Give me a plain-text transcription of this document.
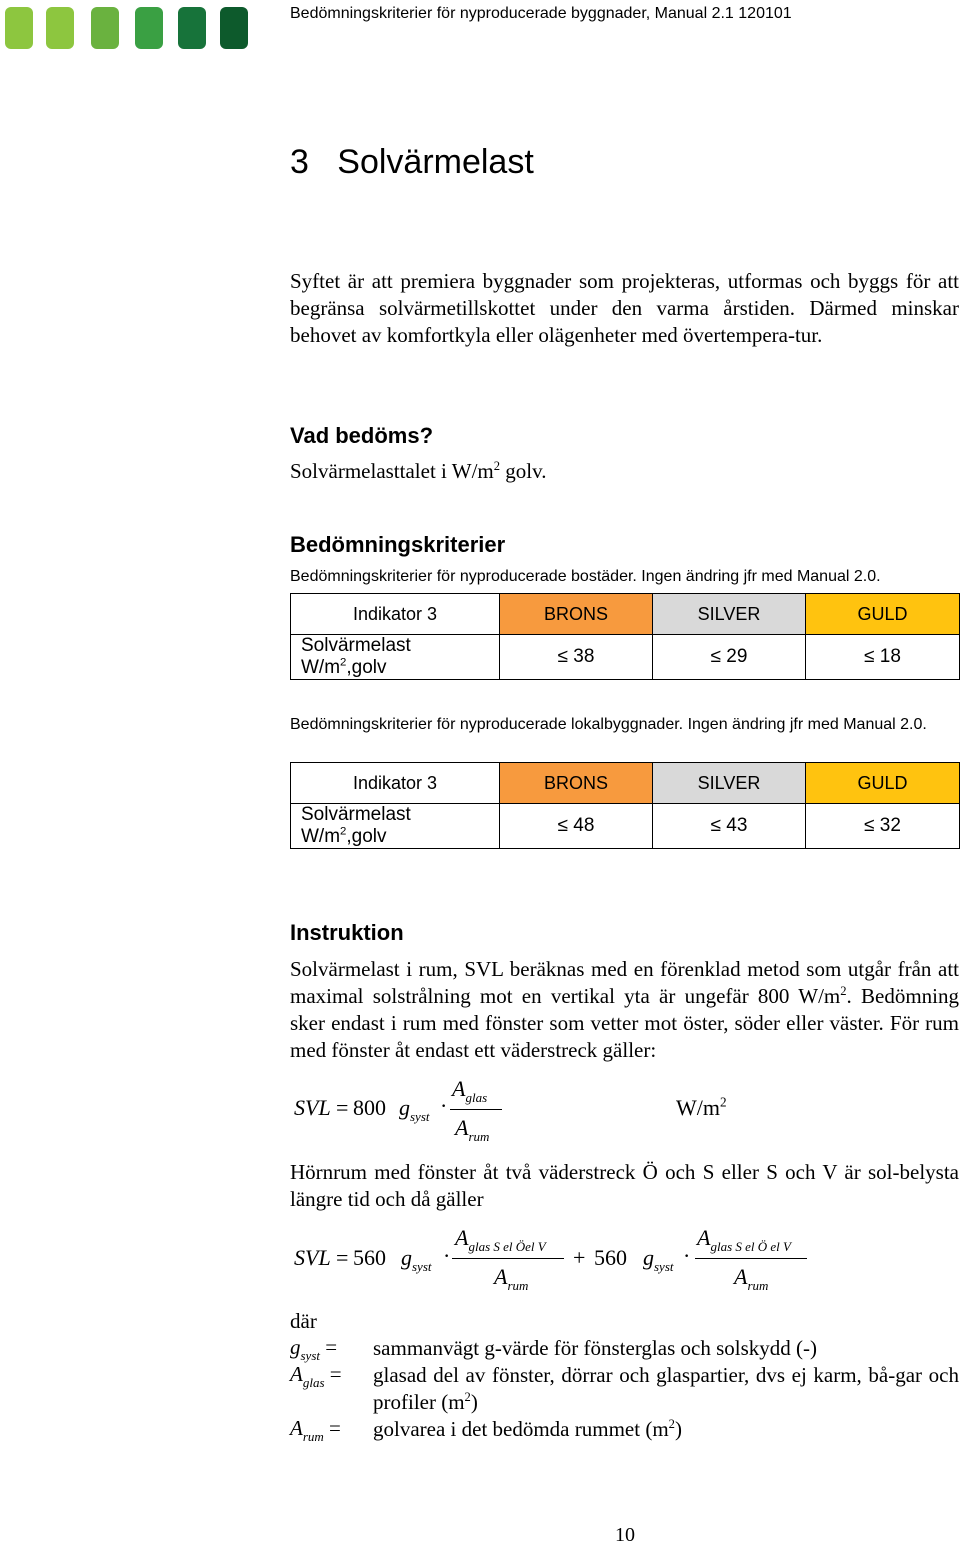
Bedömningskriterier för nyproducerade byggnader, Manual 2.1 120101
3 Solvärmelast
Syftet är att premiera byggnader som projekteras, utformas och byggs för att begränsa solvärmetillskottet under den varma årstiden. Därmed minskar behovet av komfortkyla eller olägenheter med övertempera-tur.
Vad bedöms?
Solvärmelasttalet i $W/m^2$ golv.
Bedömningskriterier
Bedömningskriterier för nyproducerade bostäder. Ingen ändring jfr med Manual 2.0.
Indikator 3	BRONS	SILVER	GULD
Solvärmelast $W/m^2,golv$	≤ 38	≤ 29	≤ 18
Bedömningskriterier för nyproducerade lokalbyggnader. Ingen ändring jfr med Manual 2.0.
Indikator 3	BRONS	SILVER	GULD
Solvärmelast $W/m^2,golv$	≤ 48	≤ 43	≤ 32
Instruktion
Solvärmelast i rum, SVL beräknas med en förenklad metod som utgår från att maximal solstrålning mot en vertikal yta är ungefär 800 $W/m^2$. Bedömning sker endast i rum med fönster som vetter mot öster, söder eller väster. För rum med fönster åt endast ett väderstreck gäller:
SVL = 800 $g_{syst}$ ·
$A_{glas}$
$A_{rum}$
$W/m^2$
Hörnrum med fönster åt två väderstreck Ö och S eller S och V är sol-belysta längre tid och då gäller
SVL = 560 $g_{syst}$ ·
$A_{glas S el Öel V}$
$A_{rum}$
+ 560 $g_{syst}$ ·
$A_{glas S el Ö el V}$
$A_{rum}$
där
$g_{syst}$ =	sammanvägt g-värde för fönsterglas och solskydd (-)
$A_{glas}$ =	glasad del av fönster, dörrar och glaspartier, dvs ej karm, bå-gar och profiler $(m^2)$
$A_{rum}$ =	golvarea i det bedömda rummet $(m^2)$
10
